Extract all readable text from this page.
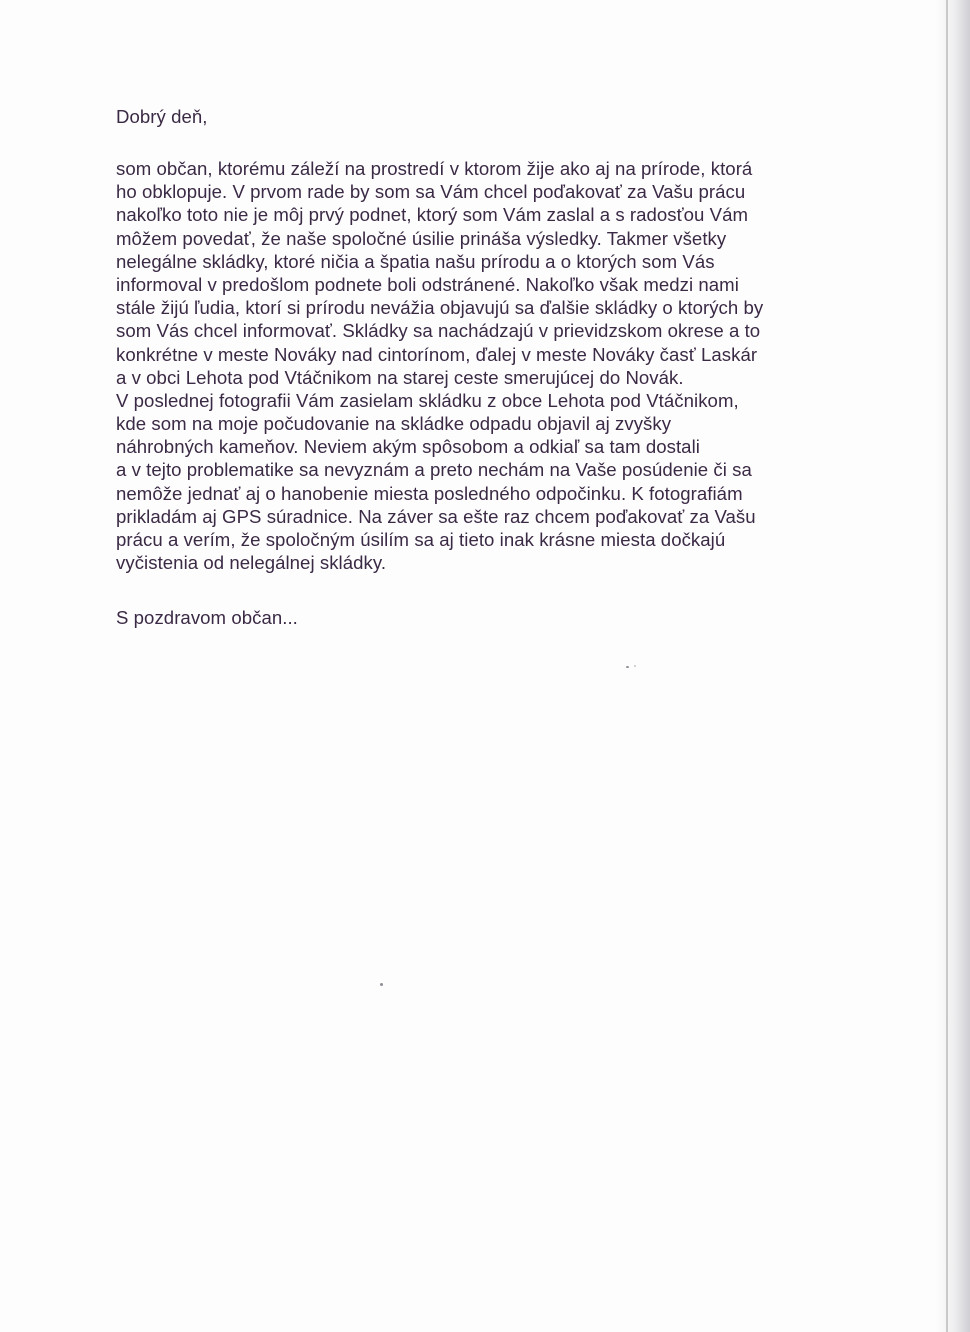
Dobrý deň,
som občan, ktorému záleží na prostredí v ktorom žije ako aj na prírode, ktorá
ho obklopuje. V prvom rade by som sa Vám chcel poďakovať za Vašu prácu
nakoľko toto nie je môj prvý podnet, ktorý som Vám zaslal a s radosťou Vám
môžem povedať, že naše spoločné úsilie prináša výsledky. Takmer všetky
nelegálne skládky, ktoré ničia a špatia našu prírodu a o ktorých som Vás
informoval v predošlom podnete boli odstránené. Nakoľko však medzi nami
stále žijú ľudia, ktorí si prírodu nevážia objavujú sa ďalšie skládky o ktorých by
som Vás chcel informovať. Skládky sa nachádzajú v prievidzskom okrese a to
konkrétne v meste Nováky nad cintorínom, ďalej v meste Nováky časť Laskár
a v obci Lehota pod Vtáčnikom na starej ceste smerujúcej do Novák.
V poslednej fotografii Vám zasielam skládku z obce Lehota pod Vtáčnikom,
kde som na moje počudovanie na skládke odpadu objavil aj zvyšky
náhrobných kameňov. Neviem akým spôsobom a odkiaľ sa tam dostali
a v tejto problematike sa nevyznám a preto nechám na Vaše posúdenie či sa
nemôže jednať aj o hanobenie miesta posledného odpočinku. K fotografiám
prikladám aj GPS súradnice. Na záver sa ešte raz chcem poďakovať za Vašu
prácu a verím, že spoločným úsilím sa aj tieto inak krásne miesta dočkajú
vyčistenia od nelegálnej skládky.
S pozdravom občan...
